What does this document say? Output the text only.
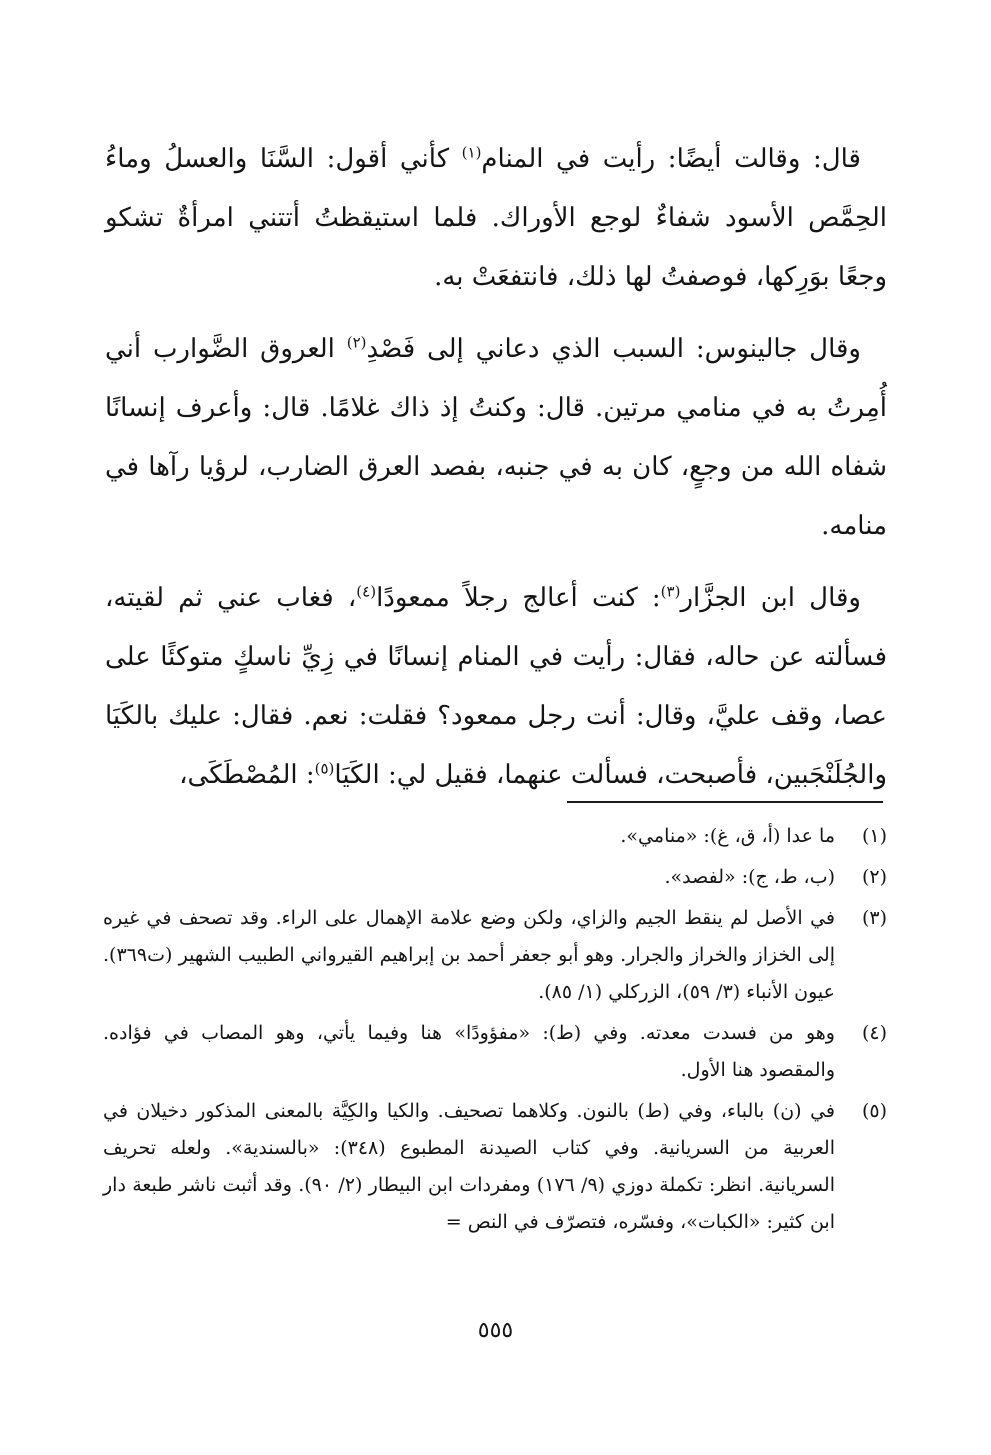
قال: وقالت أيضًا: رأيت في المنام$^{(١)}$ كأني أقول: السَّنَا والعسلُ وماءُ الحِمَّص الأسود شفاءٌ لوجع الأوراك. فلما استيقظتُ أتتني امرأةٌ تشكو وجعًا بوَرِكها، فوصفتُ لها ذلك، فانتفعَتْ به.

وقال جالينوس: السبب الذي دعاني إلى فَصْدِ$^{(٢)}$ العروق الضَّوارب أني أُمِرتُ به في منامي مرتين. قال: وكنتُ إذ ذاك غلامًا. قال: وأعرف إنسانًا شفاه الله من وجعٍ، كان به في جنبه، بفصد العرق الضارب، لرؤيا رآها في منامه.

وقال ابن الجزَّار$^{(٣)}$: كنت أعالج رجلاً ممعودًا$^{(٤)}$، فغاب عني ثم لقيته، فسألته عن حاله، فقال: رأيت في المنام إنسانًا في زِيِّ ناسكٍ متوكئًا على عصا، وقف عليَّ، وقال: أنت رجل ممعود؟ فقلت: نعم. فقال: عليك بالكَيَا والجُلَنْجَبين، فأصبحت، فسألت عنهما، فقيل لي: الكَيَا$^{(٥)}$: المُصْطَكَى،

(١)
ما عدا (أ، ق، غ): «منامي».
(٢)
(ب، ط، ج): «لفصد».
(٣)
في الأصل لم ينقط الجيم والزاي، ولكن وضع علامة الإهمال على الراء. وقد تصحف في غيره إلى الخزاز والخراز والجرار. وهو أبو جعفر أحمد بن إبراهيم القيرواني الطبيب الشهير (ت٣٦٩). عيون الأنباء (٣/ ٥٩)، الزركلي (١/ ٨٥).
(٤)
وهو من فسدت معدته. وفي (ط): «مفؤودًا» هنا وفيما يأتي، وهو المصاب في فؤاده. والمقصود هنا الأول.
(٥)
في (ن) بالباء، وفي (ط) بالنون. وكلاهما تصحيف. والكيا والكِيَّة بالمعنى المذكور دخيلان في العربية من السريانية. وفي كتاب الصيدنة المطبوع (٣٤٨): «بالسندية». ولعله تحريف السريانية. انظر: تكملة دوزي (٩/ ١٧٦) ومفردات ابن البيطار (٢/ ٩٠). وقد أثبت ناشر طبعة دار ابن كثير: «الكبات»، وفسّره، فتصرّف في النص =
٥٥٥
